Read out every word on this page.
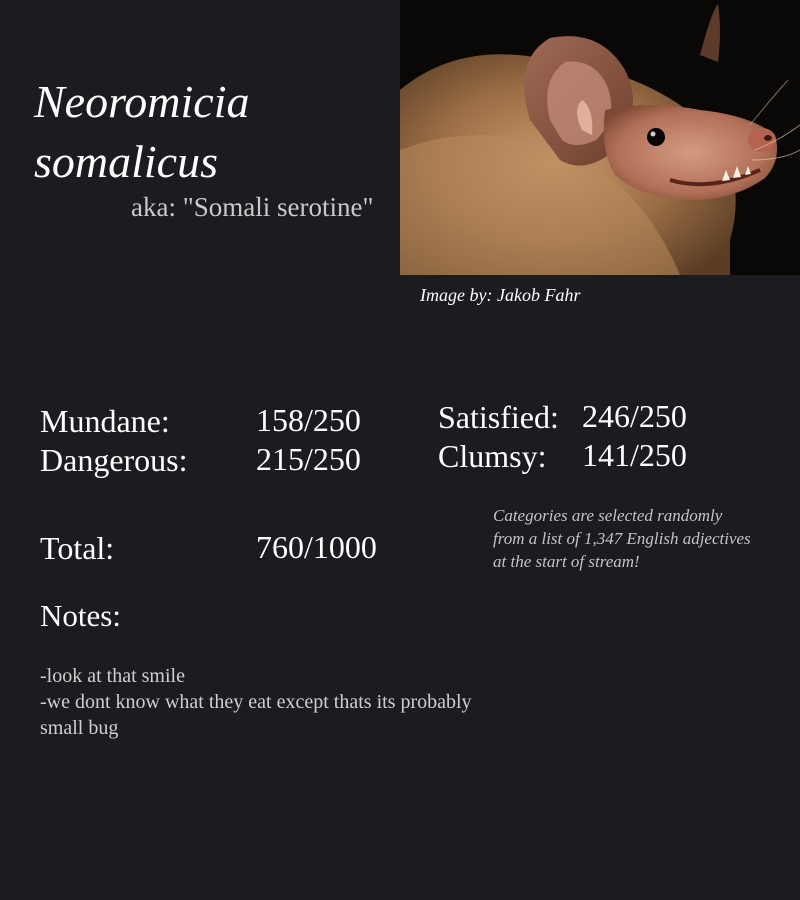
Neoromicia
somalicus
aka: "Somali serotine"
Image by: Jakob Fahr
Mundane:	158/250
Dangerous: 215/250
Satisfied: 246/250
Clumsy: 141/250
Total:	760/1000
Categories are selected randomly from a list of 1,347 English adjectives at the start of stream!
Notes:
-look at that smile
-we dont know what they eat except thats its probably small bug
